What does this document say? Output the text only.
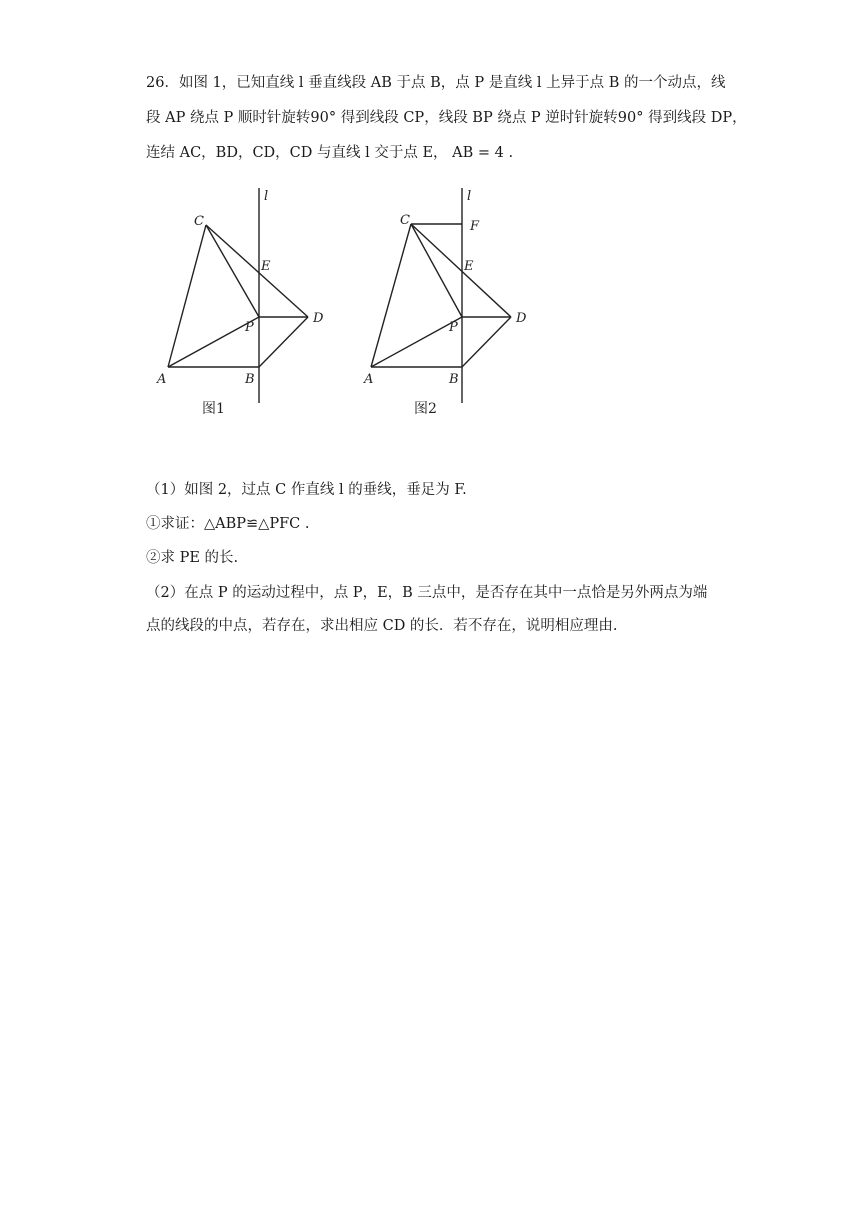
26．如图 1，已知直线 l 垂直线段 AB 于点 B，点 P 是直线 l 上异于点 B 的一个动点，线
段 AP 绕点 P 顺时针旋转90° 得到线段 CP，线段 BP 绕点 P 逆时针旋转90° 得到线段 DP，
连结 AC，BD，CD，CD 与直线 l 交于点 E， AB = 4 .
l
C
E
P
D
A	B
图1
l
C	F
E
P
D
A	B
图2
（1）如图 2，过点 C 作直线 l 的垂线，垂足为 F.
①求证：△ABP≌△PFC .
②求 PE 的长.
（2）在点 P 的运动过程中，点 P，E，B 三点中，是否存在其中一点恰是另外两点为端
点的线段的中点，若存在，求出相应 CD 的长．若不存在，说明相应理由.
